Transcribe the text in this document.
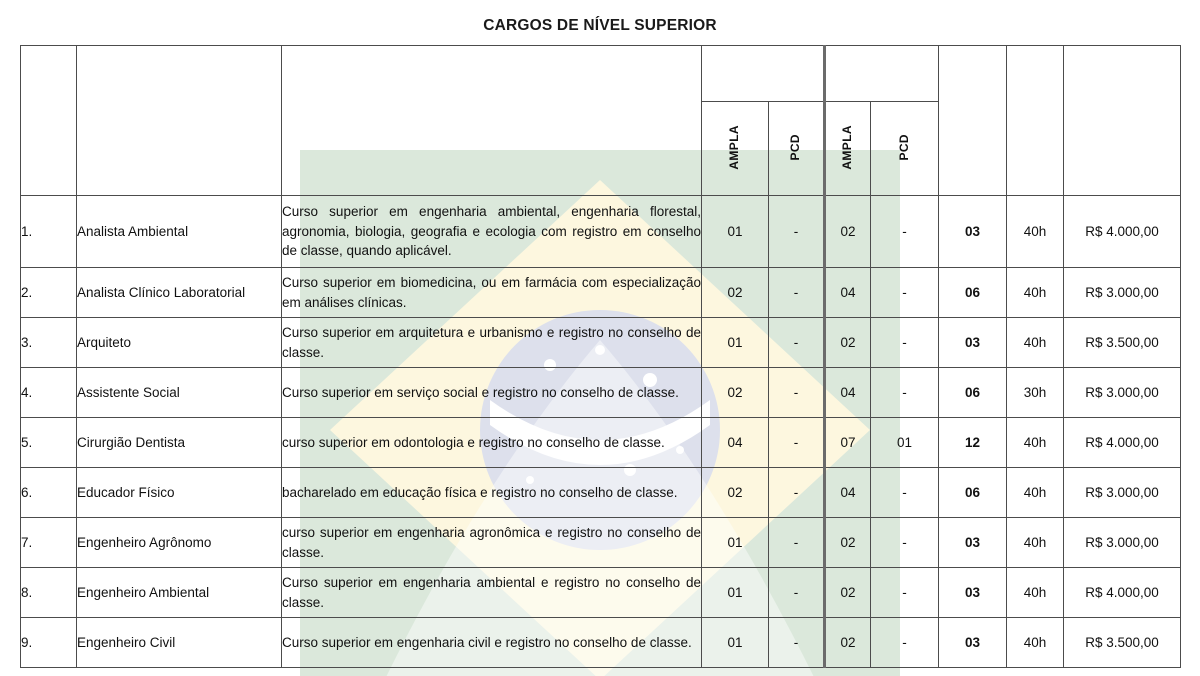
CARGOS DE NÍVEL SUPERIOR
CÓD.	CARGO	REQUISITOS DE ESCOLARIDADE	
VAGAS
IMEDIATAS

CADASTRO
RESERVA
	TOTAL DE
OPORTUNIDADES	CH	VENCIMENTO
BÁSICO INICIAL

			AMPLA	PCD	AMPLA	PCD			
1.	Analista Ambiental	Curso superior em engenharia ambiental, engenharia florestal, agronomia, biologia, geografia e ecologia com registro em conselho de classe, quando aplicável.	01	-	02	-	03	40h	R$ 4.000,00
2.	Analista Clínico Laboratorial	Curso superior em biomedicina, ou em farmácia com especialização em análises clínicas.	02	-	04	-	06	40h	R$ 3.000,00
3.	Arquiteto	Curso superior em arquitetura e urbanismo e registro no conselho de classe.	01	-	02	-	03	40h	R$ 3.500,00
4.	Assistente Social	Curso superior em serviço social e registro no conselho de classe.	02	-	04	-	06	30h	R$ 3.000,00
5.	Cirurgião Dentista	curso superior em odontologia e registro no conselho de classe.	04	-	07	01	12	40h	R$ 4.000,00
6.	Educador Físico	bacharelado em educação física e registro no conselho de classe.	02	-	04	-	06	40h	R$ 3.000,00
7.	Engenheiro Agrônomo	curso superior em engenharia agronômica e registro no conselho de classe.	01	-	02	-	03	40h	R$ 3.000,00
8.	Engenheiro Ambiental	Curso superior em engenharia ambiental e registro no conselho de classe.	01	-	02	-	03	40h	R$ 4.000,00
9.	Engenheiro Civil	Curso superior em engenharia civil e registro no conselho de classe.	01	-	02	-	03	40h	R$ 3.500,00
